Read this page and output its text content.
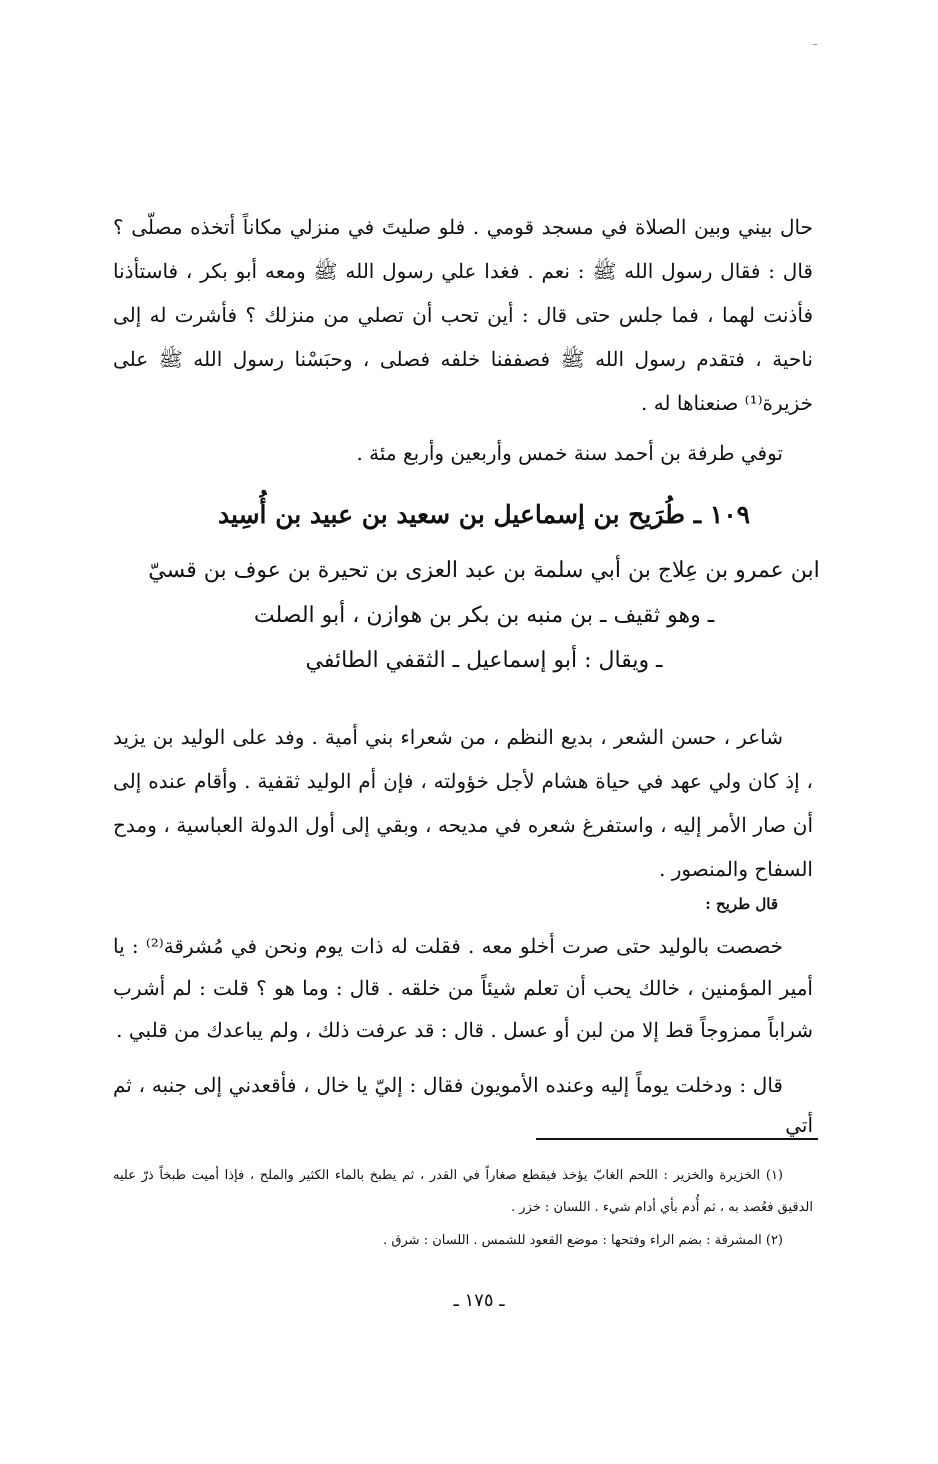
حال بيني وبين الصلاة في مسجد قومي . فلو صليتَ في منزلي مكاناً أتخذه مصلّى ؟ قال : فقال رسول الله ﷺ : نعم . فغدا علي رسول الله ﷺ ومعه أبو بكر ، فاستأذنا فأذنت لهما ، فما جلس حتى قال : أين تحب أن تصلي من منزلك ؟ فأشرت له إلى ناحية ، فتقدم رسول الله ﷺ فصففنا خلفه فصلى ، وحبَسْنا رسول الله ﷺ على خزيرة⁽¹⁾ صنعناها له .

توفي طرفة بن أحمد سنة خمس وأربعين وأربع مئة .

١٠٩ ـ طُرَيح بن إسماعيل بن سعيد بن عبيد بن أُسِيد
ابن عمرو بن عِلاج بن أبي سلمة بن عبد العزى بن تحيرة بن عوف بن قسيّ
ـ وهو ثقيف ـ بن منبه بن بكر بن هوازن ، أبو الصلت
ـ ويقال : أبو إسماعيل ـ الثقفي الطائفي
شاعر ، حسن الشعر ، بديع النظم ، من شعراء بني أمية . وفد على الوليد بن يزيد ، إذ كان ولي عهد في حياة هشام لأجل خؤولته ، فإن أم الوليد ثقفية . وأقام عنده إلى أن صار الأمر إليه ، واستفرغ شعره في مديحه ، وبقي إلى أول الدولة العباسية ، ومدح السفاح والمنصور .
قال طريح :
خصصت بالوليد حتى صرت أخلو معه . فقلت له ذات يوم ونحن في مُشرقة⁽²⁾ : يا أمير المؤمنين ، خالك يحب أن تعلم شيئاً من خلقه . قال : وما هو ؟ قلت : لم أشرب شراباً ممزوجاً قط إلا من لبن أو عسل . قال : قد عرفت ذلك ، ولم يباعدك من قلبي .
قال : ودخلت يوماً إليه وعنده الأمويون فقال : إليّ يا خال ، فأقعدني إلى جنبه ، ثم أتي
(١) الخزيرة والخزير : اللحم الغابّ يؤخذ فيقطع صغاراً في القدر ، ثم يطبخ بالماء الكثير والملح ، فإذا أميت طبخاً ذرّ عليه الدقيق فعُصد به ، ثم أُدم بأي أدام شيء . اللسان : خزر .
(٢) المشرقة : بضم الراء وفتحها : موضع القعود للشمس . اللسان : شرق .
ـ ١٧٥ ـ
